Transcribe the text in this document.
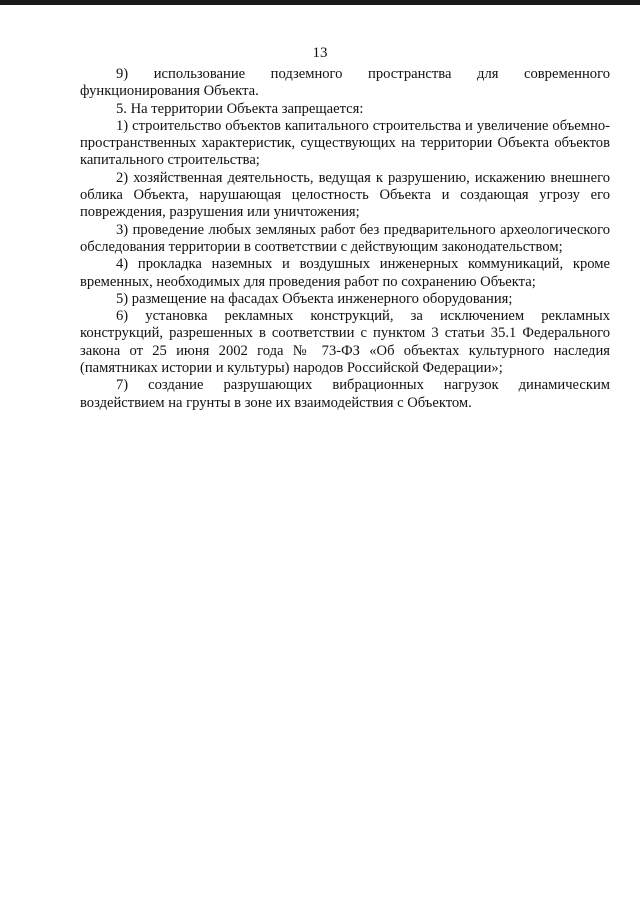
13

9) использование подземного пространства для современного функционирования Объекта.

5. На территории Объекта запрещается:

1) строительство объектов капитального строительства и увеличение объемно-пространственных характеристик, существующих на территории Объекта объектов капитального строительства;

2) хозяйственная деятельность, ведущая к разрушению, искажению внешнего облика Объекта, нарушающая целостность Объекта и создающая угрозу его повреждения, разрушения или уничтожения;

3) проведение любых земляных работ без предварительного археологического обследования территории в соответствии с действующим законодательством;

4) прокладка наземных и воздушных инженерных коммуникаций, кроме временных, необходимых для проведения работ по сохранению Объекта;

5) размещение на фасадах Объекта инженерного оборудования;

6) установка рекламных конструкций, за исключением рекламных конструкций, разрешенных в соответствии с пунктом 3 статьи 35.1 Федерального закона от 25 июня 2002 года № 73-ФЗ «Об объектах культурного наследия (памятниках истории и культуры) народов Российской Федерации»;

7) создание разрушающих вибрационных нагрузок динамическим воздействием на грунты в зоне их взаимодействия с Объектом.
